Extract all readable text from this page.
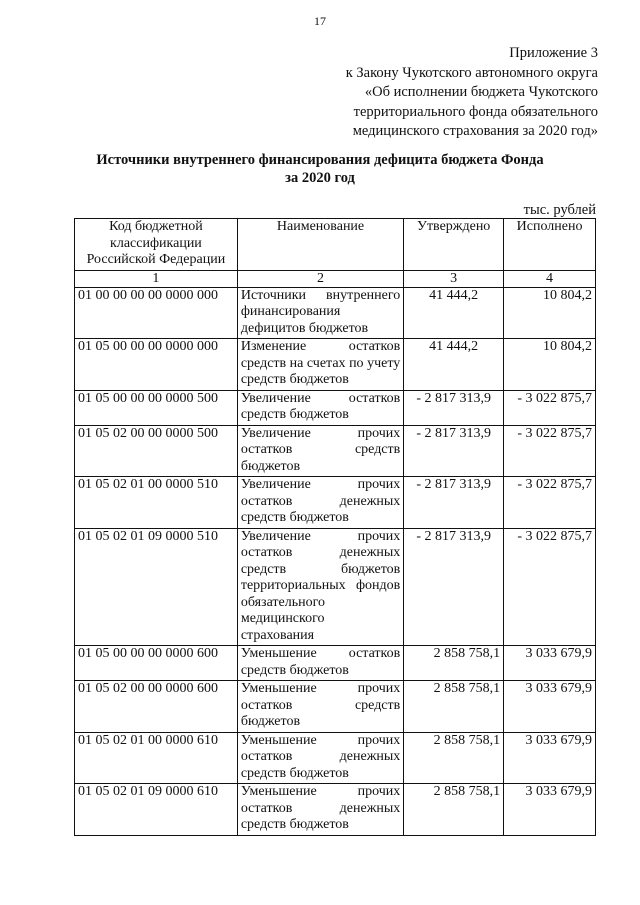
17
Приложение 3
к Закону Чукотского автономного округа
«Об исполнении бюджета Чукотского
территориального фонда обязательного
медицинского страхования за 2020 год»
Источники внутреннего финансирования дефицита бюджета Фонда
за 2020 год
тыс. рублей
Код бюджетной классификации Российской Федерации	Наименование	Утверждено	Исполнено
1	2	3	4
01 00 00 00 00 0000 000	Источники внутреннего финансирования дефицитов бюджетов	41 444,2	10 804,2
01 05 00 00 00 0000 000	Изменение остатков средств на счетах по учету средств бюджетов	41 444,2	10 804,2
01 05 00 00 00 0000 500	Увеличение остатков средств бюджетов	- 2 817 313,9	- 3 022 875,7
01 05 02 00 00 0000 500	Увеличение прочих остатков средств бюджетов	- 2 817 313,9	- 3 022 875,7
01 05 02 01 00 0000 510	Увеличение прочих остатков денежных средств бюджетов	- 2 817 313,9	- 3 022 875,7
01 05 02 01 09 0000 510	Увеличение прочих остатков денежных средств бюджетов территориальных фондов обязательного медицинского страхования	- 2 817 313,9	- 3 022 875,7
01 05 00 00 00 0000 600	Уменьшение остатков средств бюджетов	2 858 758,1	3 033 679,9
01 05 02 00 00 0000 600	Уменьшение прочих остатков средств бюджетов	2 858 758,1	3 033 679,9
01 05 02 01 00 0000 610	Уменьшение прочих остатков денежных средств бюджетов	2 858 758,1	3 033 679,9
01 05 02 01 09 0000 610	Уменьшение прочих остатков денежных средств бюджетов	2 858 758,1	3 033 679,9
